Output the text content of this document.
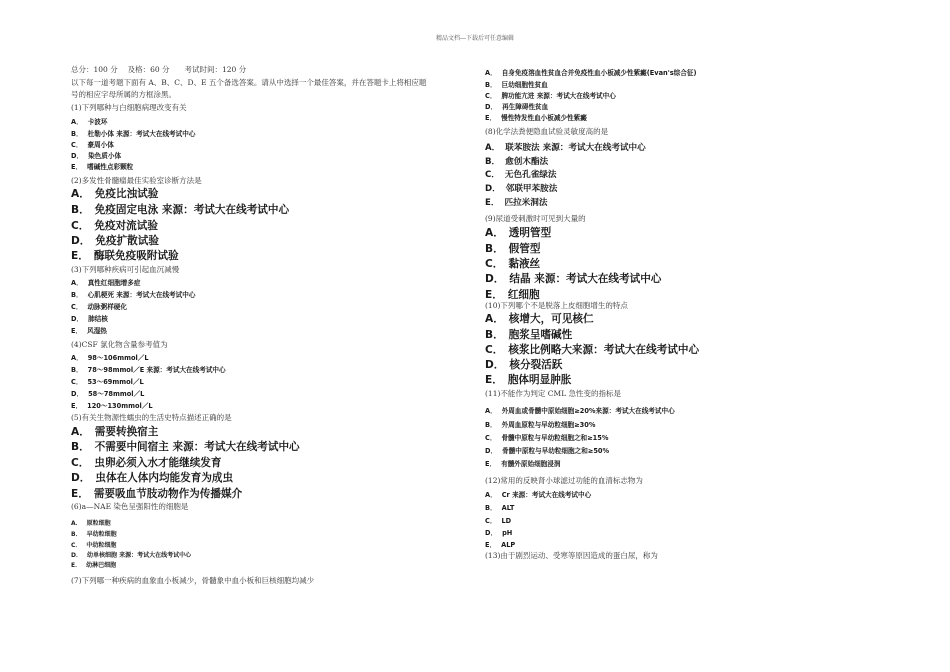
精品文档---下载后可任意编辑
总分：100 分　 及格：60 分　　考试时间：120 分
以下每一道考题下面有 A、B、C、D、E 五个备选答案。请从中选择一个最佳答案，并在答题卡上将相应题
号的相应字母所属的方框涂黑。
(1)下列哪种与白细胞病理改变有关
A． 卡波环
B． 杜勒小体 来源：考试大在线考试中心
C． 豪周小体
D． 染色质小体
E． 嗜碱性点彩颗粒
(2)多发性骨髓瘤最佳实验室诊断方法是
A． 免疫比浊试验
B． 免疫固定电泳 来源：考试大在线考试中心
C． 免疫对流试验
D． 免疫扩散试验
E． 酶联免疫吸附试验
(3)下列哪种疾病可引起血沉减慢
A． 真性红细胞增多症
B． 心肌梗死 来源：考试大在线考试中心
C． 动脉粥样硬化
D． 肺结核
E． 风湿热
(4)CSF 氯化物含量参考值为
A． 98～106mmol／L
B． 78～98mmol／E 来源：考试大在线考试中心
C． 53～69mmol／L
D． 58～78mmol／L
E． 120～130mmol／L
(5)有关生物源性蠕虫的生活史特点描述正确的是
A． 需要转换宿主
B． 不需要中间宿主 来源：考试大在线考试中心
C． 虫卵必须入水才能继续发育
D． 虫体在人体内均能发育为成虫
E． 需要吸血节肢动物作为传播媒介
(6)a—NAE 染色呈强阳性的细胞是
A． 原粒细胞
B． 早幼粒细胞
C． 中幼粒细胞
D． 幼单核细胞 来源：考试大在线考试中心
E． 幼淋巴细胞
(7)下列哪一种疾病的血象血小板减少，骨髓象中血小板和巨核细胞均减少
A． 自身免疫溶血性贫血合并免疫性血小板减少性紫癜(Evan's综合征)
B． 巨幼细胞性贫血
C． 脾功能亢进 来源：考试大在线考试中心
D． 再生障碍性贫血
E． 慢性特发性血小板减少性紫癜
(8)化学法粪便隐血试验灵敏度高的是
A． 联苯胺法 来源：考试大在线考试中心
B． 愈创木酯法
C． 无色孔雀绿法
D． 邻联甲苯胺法
E． 匹拉米洞法
(9)尿道受刺激时可见到大量的
A． 透明管型
B． 假管型
C． 黏液丝
D． 结晶 来源：考试大在线考试中心
E． 红细胞
(10)下列哪个不是脱落上皮细胞增生的特点
A． 核增大，可见核仁
B． 胞浆呈嗜碱性
C． 核浆比例略大来源：考试大在线考试中心
D． 核分裂活跃
E． 胞体明显肿胀
(11)不能作为判定 CML 急性变的指标是
A． 外周血或骨髓中原始细胞≥20%来源：考试大在线考试中心
B． 外周血原粒与早幼粒细胞≥30%
C． 骨髓中原粒与早幼粒细胞之和≥15%
D． 骨髓中原粒与早幼粒细胞之和≥50%
E． 有髓外原始细胞浸润
(12)常用的反映肾小球滤过功能的血清标志物为
A． Cr 来源：考试大在线考试中心
B． ALT
C． LD
D． pH
E． ALP
(13)由于剧烈运动、受寒等原因造成的蛋白尿，称为
